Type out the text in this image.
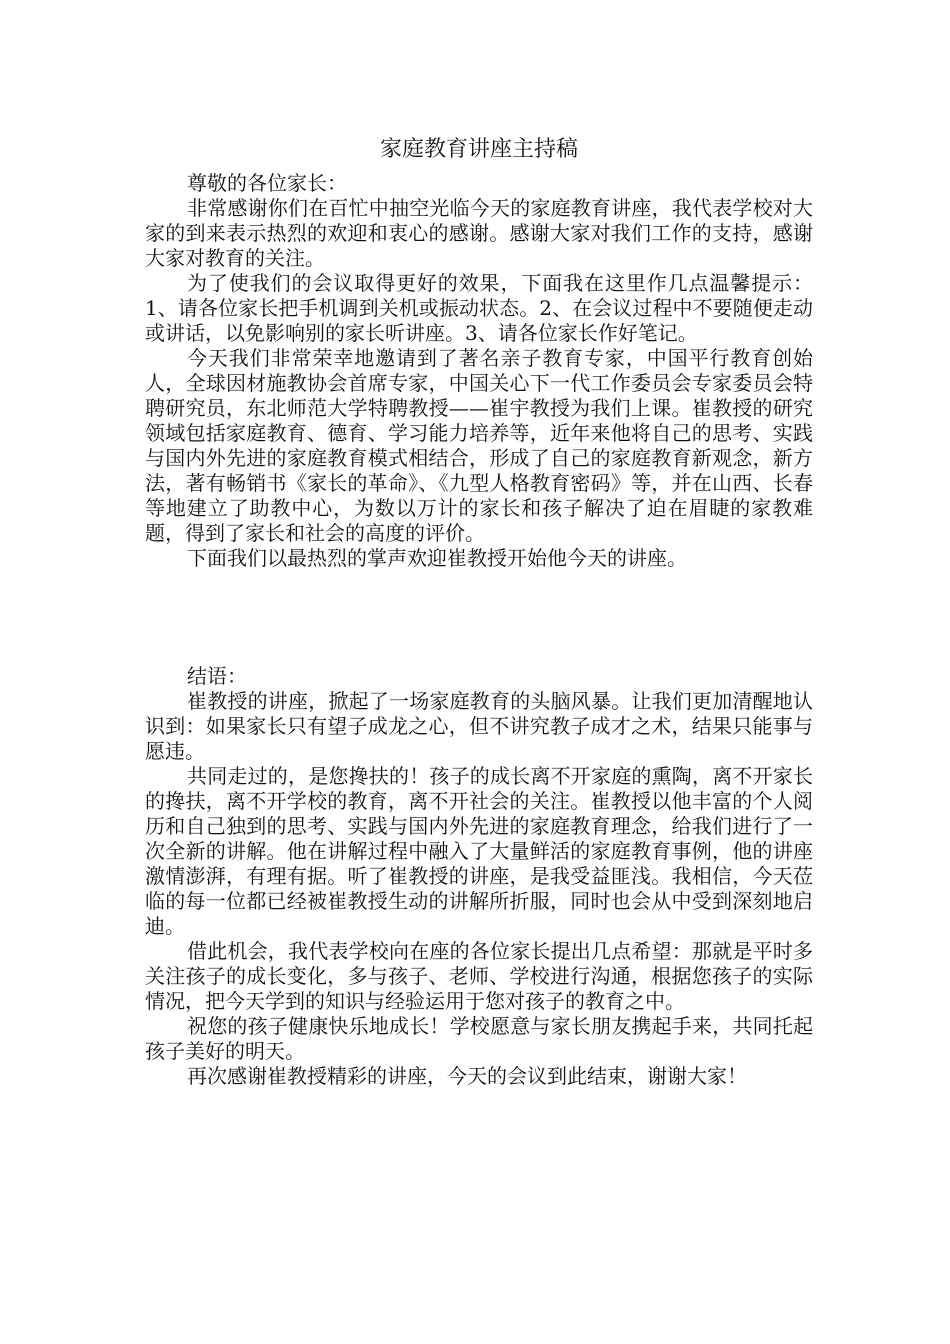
家庭教育讲座主持稿

尊敬的各位家长：

非常感谢你们在百忙中抽空光临今天的家庭教育讲座，我代表学校对大家的到来表示热烈的欢迎和衷心的感谢。感谢大家对我们工作的支持，感谢大家对教育的关注。

为了使我们的会议取得更好的效果，下面我在这里作几点温馨提示：1、请各位家长把手机调到关机或振动状态。2、在会议过程中不要随便走动或讲话，以免影响别的家长听讲座。3、请各位家长作好笔记。

今天我们非常荣幸地邀请到了著名亲子教育专家，中国平行教育创始人，全球因材施教协会首席专家，中国关心下一代工作委员会专家委员会特聘研究员，东北师范大学特聘教授——崔宇教授为我们上课。崔教授的研究领域包括家庭教育、德育、学习能力培养等，近年来他将自己的思考、实践与国内外先进的家庭教育模式相结合，形成了自己的家庭教育新观念，新方法，著有畅销书《家长的革命》、《九型人格教育密码》等，并在山西、长春等地建立了助教中心，为数以万计的家长和孩子解决了迫在眉睫的家教难题，得到了家长和社会的高度的评价。

下面我们以最热烈的掌声欢迎崔教授开始他今天的讲座。

结语：

崔教授的讲座，掀起了一场家庭教育的头脑风暴。让我们更加清醒地认识到：如果家长只有望子成龙之心，但不讲究教子成才之术，结果只能事与愿违。

共同走过的，是您搀扶的！孩子的成长离不开家庭的熏陶，离不开家长的搀扶，离不开学校的教育，离不开社会的关注。崔教授以他丰富的个人阅历和自己独到的思考、实践与国内外先进的家庭教育理念，给我们进行了一次全新的讲解。他在讲解过程中融入了大量鲜活的家庭教育事例，他的讲座激情澎湃，有理有据。听了崔教授的讲座，是我受益匪浅。我相信，今天莅临的每一位都已经被崔教授生动的讲解所折服，同时也会从中受到深刻地启迪。

借此机会，我代表学校向在座的各位家长提出几点希望：那就是平时多关注孩子的成长变化，多与孩子、老师、学校进行沟通，根据您孩子的实际情况，把今天学到的知识与经验运用于您对孩子的教育之中。

祝您的孩子健康快乐地成长！学校愿意与家长朋友携起手来，共同托起孩子美好的明天。

再次感谢崔教授精彩的讲座，今天的会议到此结束，谢谢大家！
